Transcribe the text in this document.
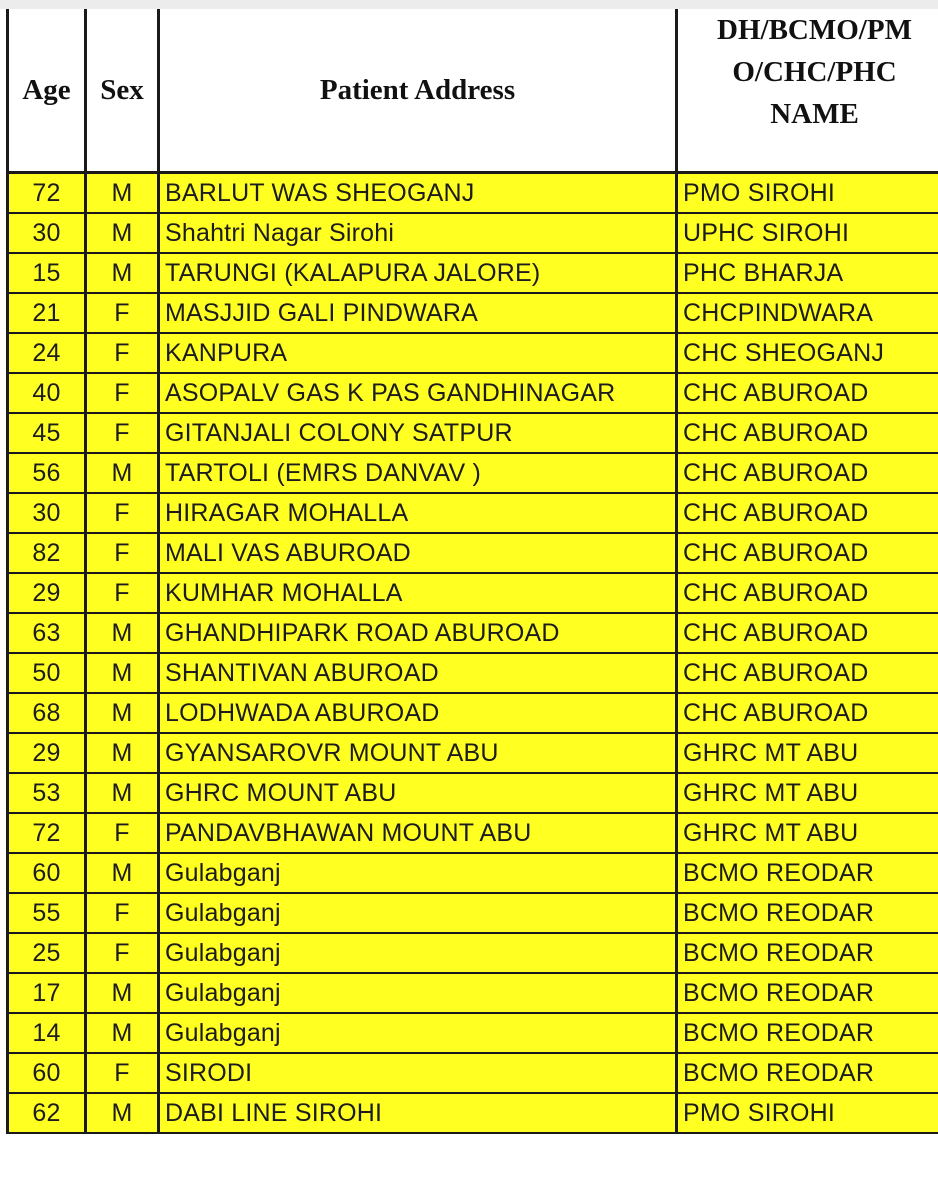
Age	Sex	Patient Address	DH/BCMO/PM
O/CHC/PHC
NAME

72	M	BARLUT WAS SHEOGANJ	PMO SIROHI
30	M	Shahtri Nagar Sirohi	UPHC SIROHI
15	M	TARUNGI (KALAPURA JALORE)	PHC BHARJA
21	F	MASJJID GALI PINDWARA	CHCPINDWARA
24	F	KANPURA	CHC SHEOGANJ
40	F	ASOPALV GAS K PAS GANDHINAGAR	CHC ABUROAD
45	F	GITANJALI COLONY SATPUR	CHC ABUROAD
56	M	TARTOLI (EMRS DANVAV )	CHC ABUROAD
30	F	HIRAGAR MOHALLA	CHC ABUROAD
82	F	MALI VAS ABUROAD	CHC ABUROAD
29	F	KUMHAR MOHALLA	CHC ABUROAD
63	M	GHANDHIPARK ROAD ABUROAD	CHC ABUROAD
50	M	SHANTIVAN ABUROAD	CHC ABUROAD
68	M	LODHWADA ABUROAD	CHC ABUROAD
29	M	GYANSAROVR MOUNT ABU	GHRC MT ABU
53	M	GHRC MOUNT ABU	GHRC MT ABU
72	F	PANDAVBHAWAN MOUNT ABU	GHRC MT ABU
60	M	Gulabganj	BCMO REODAR
55	F	Gulabganj	BCMO REODAR
25	F	Gulabganj	BCMO REODAR
17	M	Gulabganj	BCMO REODAR
14	M	Gulabganj	BCMO REODAR
60	F	SIRODI	BCMO REODAR
62	M	DABI LINE SIROHI	PMO SIROHI
